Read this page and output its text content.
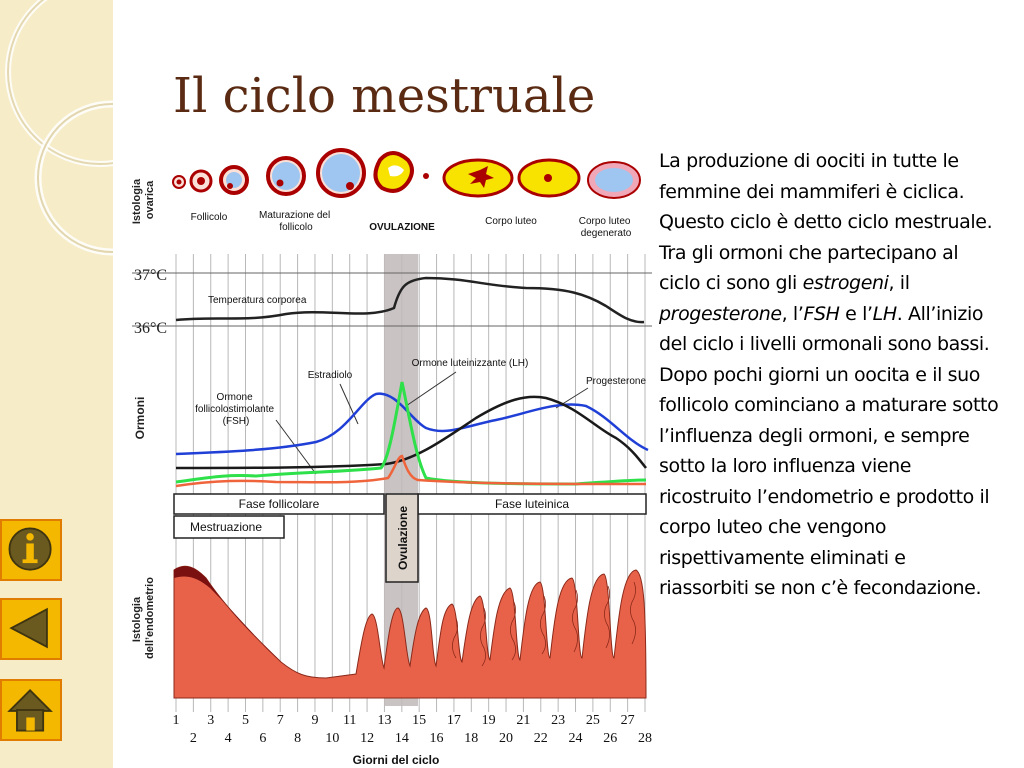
Il ciclo mestruale

La produzione di oociti in tutte le femmine dei mammiferi è ciclica. Questo ciclo è detto ciclo mestruale. Tra gli ormoni che partecipano al ciclo ci sono gli estrogeni, il progesterone, l’FSH e l’LH. All’inizio del ciclo i livelli ormonali sono bassi. Dopo pochi giorni un oocita e il suo follicolo cominciano a maturare sotto l’influenza degli ormoni, e sempre sotto la loro influenza viene ricostruito l’endometrio e prodotto il corpo luteo che vengono rispettivamente eliminati e riassorbiti se non c’è fecondazione.

Istologia ovarica
Ormoni
Istologia dell’endometrio
Follicolo	Maturazione del follicolo	OVULAZIONE
Corpo luteo	Corpo luteo degenerato
37°C
36°C
Temperatura corporea
Estradiolo
Ormone luteinizzante (LH)
Progesterone
Ormone follicolostimolante (FSH)
Fase follicolare	Fase luteinica
Mestruazione	Ovulazione
1
2
3
4
5
6
7
8
9
10
11
12
13
14
15
16
17
18
19
20
21
22
23
24
25
26
27
28
Giorni del ciclo
